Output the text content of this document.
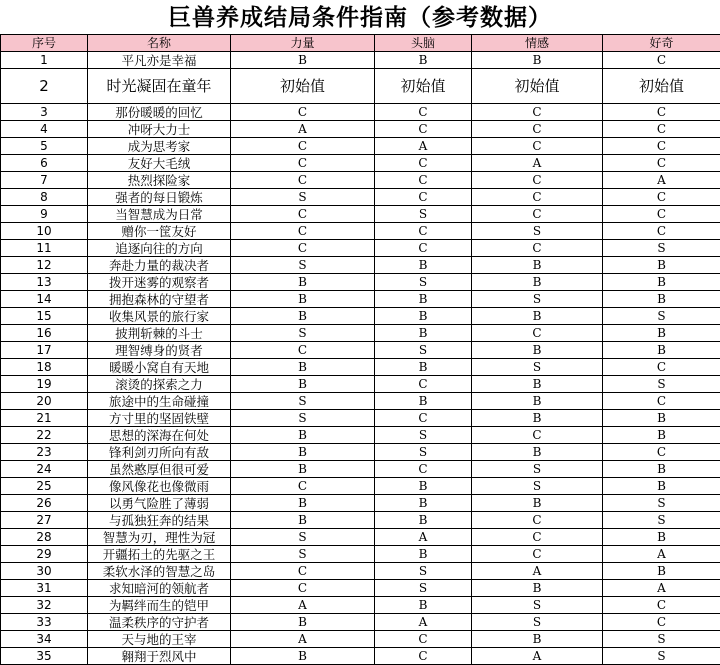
巨兽养成结局条件指南（参考数据）
序号	名称	力量	头脑	情感	好奇
1	平凡亦是幸福	B	B	B	C
2	时光凝固在童年	初始值	初始值	初始值	初始值
3	那份暖暖的回忆	C	C	C	C
4	冲呀大力士	A	C	C	C
5	成为思考家	C	A	C	C
6	友好大毛绒	C	C	A	C
7	热烈探险家	C	C	C	A
8	强者的每日锻炼	S	C	C	C
9	当智慧成为日常	C	S	C	C
10	赠你一筐友好	C	C	S	C
11	追逐向往的方向	C	C	C	S
12	奔赴力量的裁决者	S	B	B	B
13	拨开迷雾的观察者	B	S	B	B
14	拥抱森林的守望者	B	B	S	B
15	收集风景的旅行家	B	B	B	S
16	披荆斩棘的斗士	S	B	C	B
17	理智缚身的贤者	C	S	B	B
18	暖暖小窝自有天地	B	B	S	C
19	滚烫的探索之力	B	C	B	S
20	旅途中的生命碰撞	S	B	B	C
21	方寸里的坚固铁壁	S	C	B	B
22	思想的深海在何处	B	S	C	B
23	锋利剑刃所向有敌	B	S	B	C
24	虽然憨厚但很可爱	B	C	S	B
25	像风像花也像微雨	C	B	S	B
26	以勇气险胜了薄弱	B	B	B	S
27	与孤独狂奔的结果	B	B	C	S
28	智慧为刃，理性为冠	S	A	C	B
29	开疆拓土的先驱之王	S	B	C	A
30	柔软水泽的智慧之岛	C	S	A	B
31	求知暗河的领航者	C	S	B	A
32	为羁绊而生的铠甲	A	B	S	C
33	温柔秩序的守护者	B	A	S	C
34	天与地的王宰	A	C	B	S
35	翱翔于烈风中	B	C	A	S
